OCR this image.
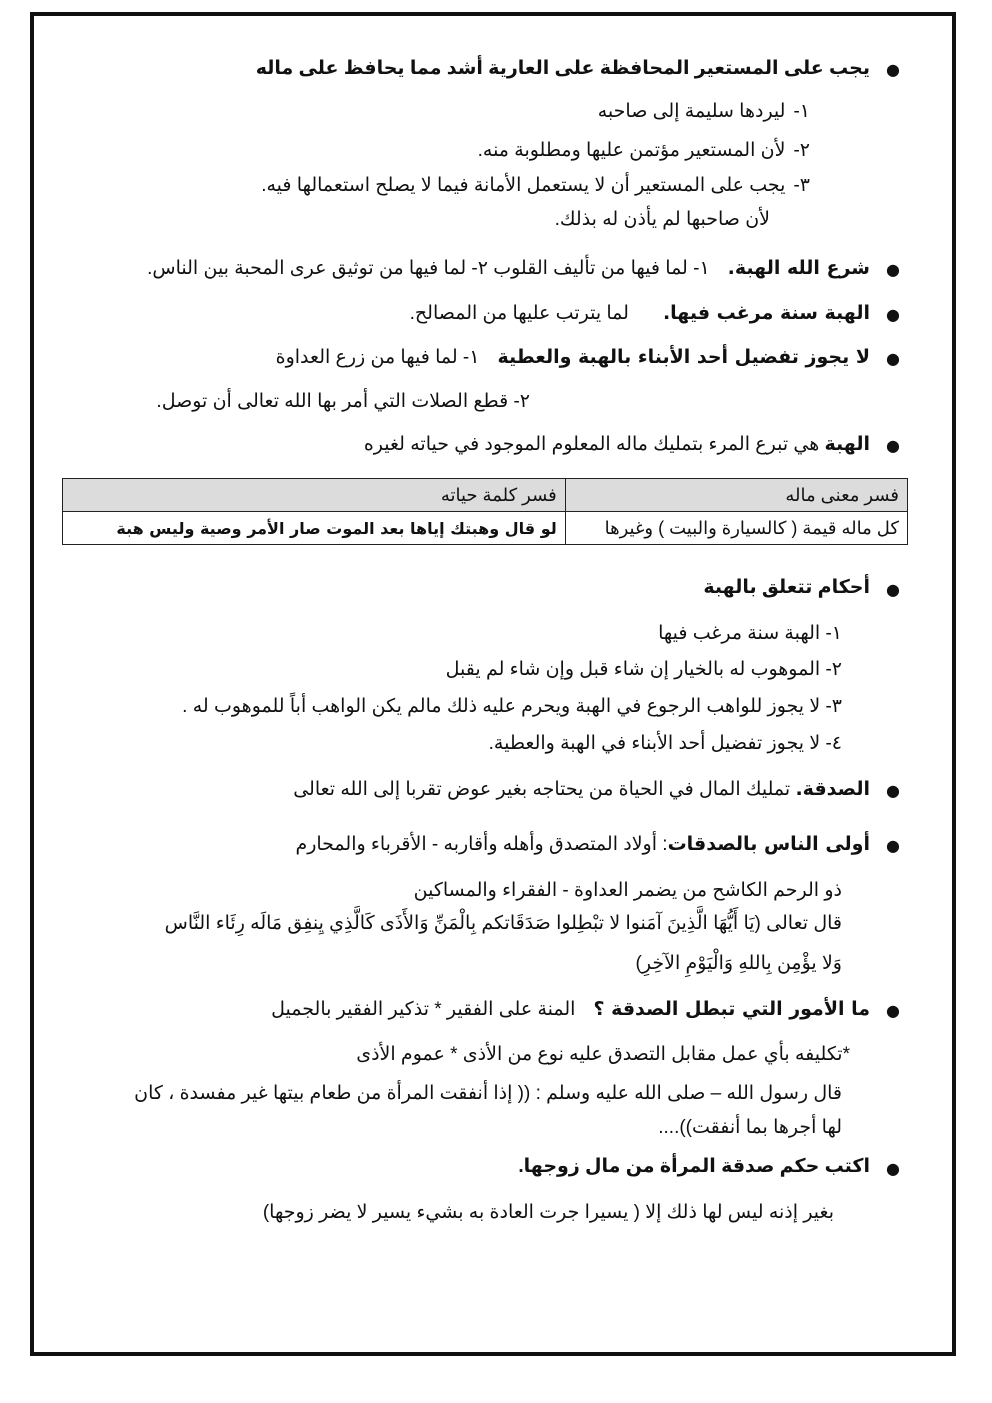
●
يجب على المستعير المحافظة على العارية أشد مما يحافظ على ماله
١-ليردها سليمة إلى صاحبه
٢-لأن المستعير مؤتمن عليها ومطلوبة منه.
٣-يجب على المستعير أن لا يستعمل الأمانة فيما لا يصلح استعمالها فيه.
لأن صاحبها لم يأذن له بذلك.
●
شرع الله الهبة.١- لما فيها من تأليف القلوب ٢- لما فيها من توثيق عرى المحبة بين الناس.
●
الهبة سنة مرغب فيها.لما يترتب عليها من المصالح.
●
لا يجوز تفضيل أحد الأبناء بالهبة والعطية١- لما فيها من زرع العداوة
٢- قطع الصلات التي أمر بها الله تعالى أن توصل.
●
الهبة هي تبرع المرء بتمليك ماله المعلوم الموجود في حياته لغيره
فسر معنى ماله	فسر كلمة حياته
كل ماله قيمة ( كالسيارة والبيت ) وغيرها	لو قال وهبتك إياها بعد الموت صار الأمر وصية وليس هبة
●
أحكام تتعلق بالهبة
١- الهبة سنة مرغب فيها
٢- الموهوب له بالخيار إن شاء قبل وإن شاء لم يقبل
٣- لا يجوز للواهب الرجوع في الهبة ويحرم عليه ذلك مالم يكن الواهب أباً للموهوب له .
٤- لا يجوز تفضيل أحد الأبناء في الهبة والعطية.
●
الصدقة. تمليك المال في الحياة من يحتاجه بغير عوض تقربا إلى الله تعالى
●
أولى الناس بالصدقات: أولاد المتصدق وأهله وأقاربه - الأقرباء والمحارم
ذو الرحم الكاشح من يضمر العداوة - الفقراء والمساكين
قال تعالى (يَا أَيُّهَا الَّذِينَ آمَنوا لا تبْطِلوا صَدَقَاتكم بِالْمَنِّ وَالأَذَى كَالَّذِي يِنفِق مَالَه رِئَاء النَّاس
وَلا يؤْمِن بِاللهِ وَالْيَوْمِ الآخِرِ)
●
ما الأمور التي تبطل الصدقة ؟المنة على الفقير * تذكير الفقير بالجميل
*تكليفه بأي عمل مقابل التصدق عليه نوع من الأذى * عموم الأذى
قال رسول الله – صلى الله عليه وسلم : (( إذا أنفقت المرأة من طعام بيتها غير مفسدة ، كان
لها أجرها بما أنفقت))....
●
اكتب حكم صدقة المرأة من مال زوجها.
بغير إذنه ليس لها ذلك إلا ( يسيرا جرت العادة به بشيء يسير لا يضر زوجها)
